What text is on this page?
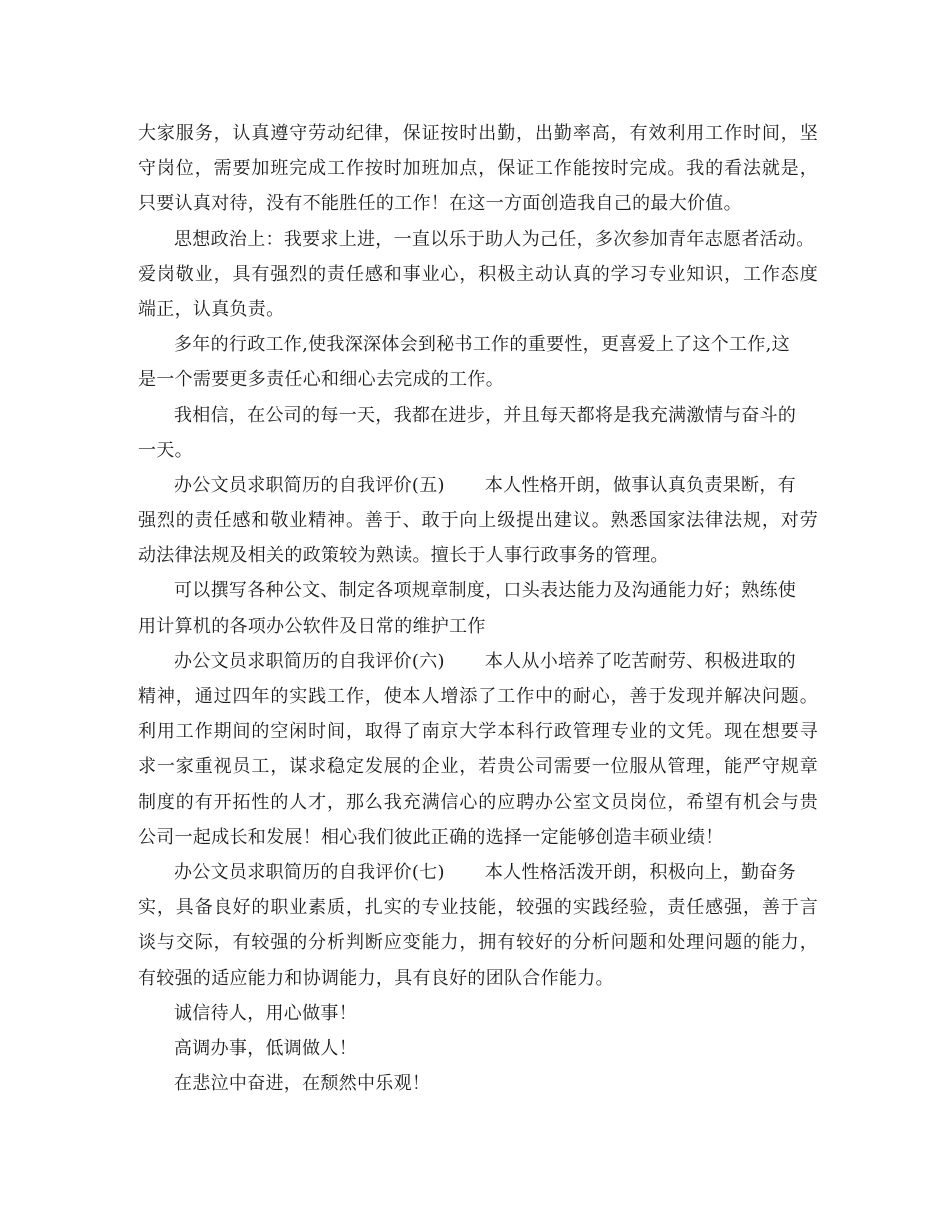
大家服务，认真遵守劳动纪律，保证按时出勤，出勤率高，有效利用工作时间，坚
守岗位，需要加班完成工作按时加班加点，保证工作能按时完成。我的看法就是，
只要认真对待，没有不能胜任的工作！在这一方面创造我自己的最大价值。
思想政治上：我要求上进，一直以乐于助人为己任，多次参加青年志愿者活动。
爱岗敬业，具有强烈的责任感和事业心，积极主动认真的学习专业知识，工作态度
端正，认真负责。
多年的行政工作,使我深深体会到秘书工作的重要性，更喜爱上了这个工作,这
是一个需要更多责任心和细心去完成的工作。
我相信，在公司的每一天，我都在进步，并且每天都将是我充满激情与奋斗的
一天。
办公文员求职简历的自我评价(五) 本人性格开朗，做事认真负责果断，有
强烈的责任感和敬业精神。善于、敢于向上级提出建议。熟悉国家法律法规，对劳
动法律法规及相关的政策较为熟读。擅长于人事行政事务的管理。
可以撰写各种公文、制定各项规章制度，口头表达能力及沟通能力好；熟练使
用计算机的各项办公软件及日常的维护工作
办公文员求职简历的自我评价(六) 本人从小培养了吃苦耐劳、积极进取的
精神，通过四年的实践工作，使本人增添了工作中的耐心，善于发现并解决问题。
利用工作期间的空闲时间，取得了南京大学本科行政管理专业的文凭。现在想要寻
求一家重视员工，谋求稳定发展的企业，若贵公司需要一位服从管理，能严守规章
制度的有开拓性的人才，那么我充满信心的应聘办公室文员岗位，希望有机会与贵
公司一起成长和发展！相心我们彼此正确的选择一定能够创造丰硕业绩！
办公文员求职简历的自我评价(七) 本人性格活泼开朗，积极向上，勤奋务
实，具备良好的职业素质，扎实的专业技能，较强的实践经验，责任感强，善于言
谈与交际，有较强的分析判断应变能力，拥有较好的分析问题和处理问题的能力，
有较强的适应能力和协调能力，具有良好的团队合作能力。
诚信待人，用心做事！
高调办事，低调做人！
在悲泣中奋进，在颓然中乐观！
